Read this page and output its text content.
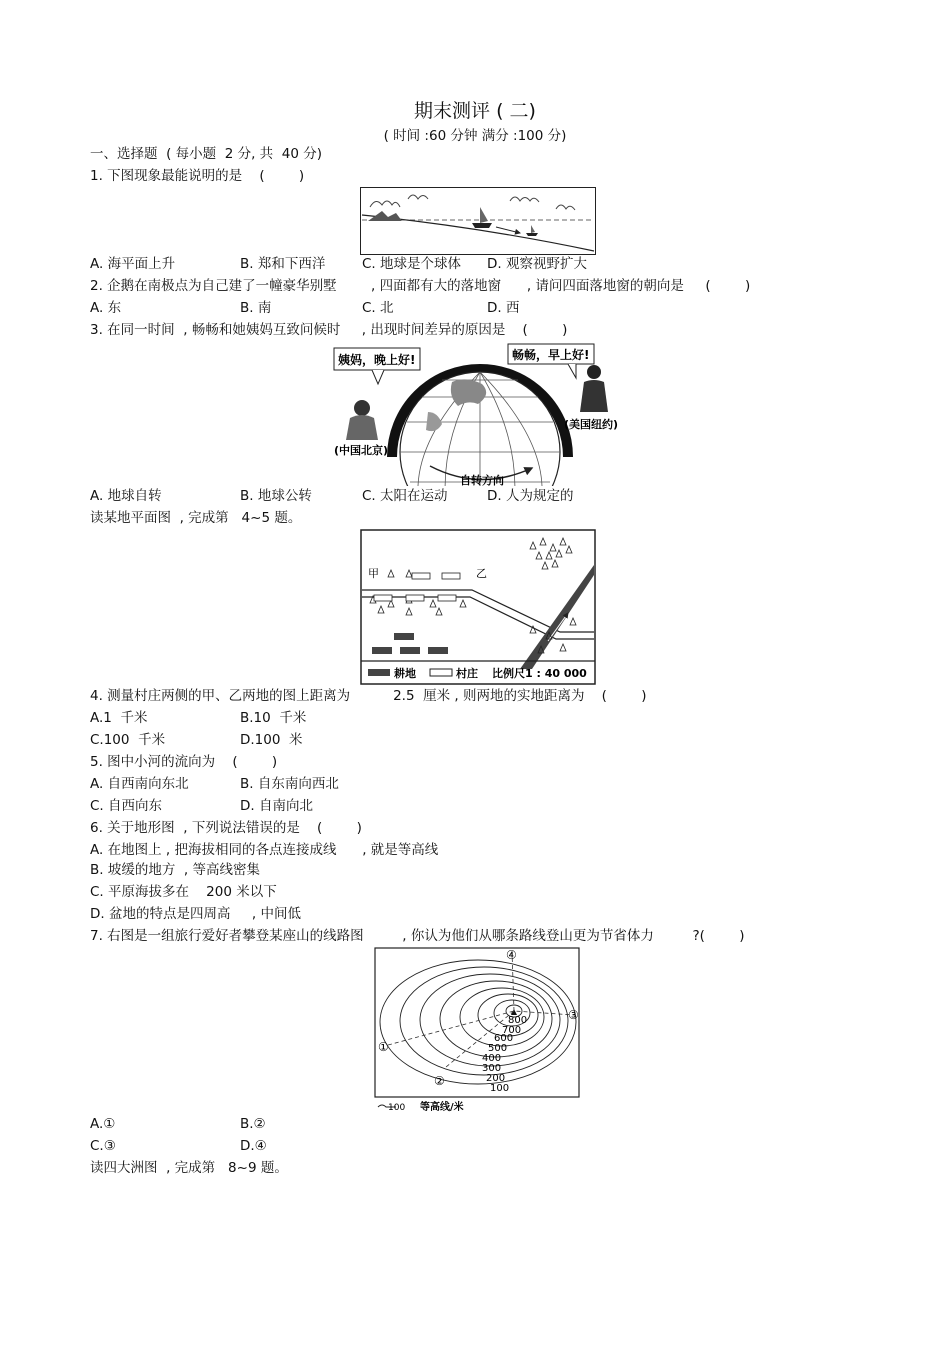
期末测评 ( 二)
( 时间 :60 分钟 满分 :100 分)
一、选择题  ( 每小题  2 分, 共  40 分)
1. 下图现象最能说明的是    (        )
A. 海平面上升	B. 郑和下西洋	C. 地球是个球体 D. 观察视野扩大
2. 企鹅在南极点为自己建了一幢豪华别墅        , 四面都有大的落地窗      , 请问四面落地窗的朝向是     (        )
A. 东	B. 南	C. 北	D. 西
3. 在同一时间  , 畅畅和她姨妈互致问候时     , 出现时间差异的原因是    (        )
姨妈，晚上好!	畅畅，早上好!
(中国北京)
(美国纽约)
自转方向
A. 地球自转	B. 地球公转	C. 太阳在运动	D. 人为规定的
读某地平面图  , 完成第   4~5 题。
甲	乙
耕地	村庄 比例尺1 : 40 000
4. 测量村庄两侧的甲、乙两地的图上距离为          2.5  厘米 , 则两地的实地距离为    (        )
A.1  千米	B.10  千米
C.100  千米	D.100  米
5. 图中小河的流向为    (        )
A. 自西南向东北	B. 自东南向西北
C. 自西向东	D. 自南向北
6. 关于地形图  , 下列说法错误的是    (        )
A. 在地图上 , 把海拔相同的各点连接成线      , 就是等高线
B. 坡缓的地方  , 等高线密集
C. 平原海拔多在    200 米以下
D. 盆地的特点是四周高     , 中间低
7. 右图是一组旅行爱好者攀登某座山的线路图         , 你认为他们从哪条路线登山更为节省体力         ?(        )
800
700
600
500
400
300
200
100
①
②
③
④
100 等高线/米
A.①	B.②
C.③	D.④
读四大洲图  , 完成第   8~9 题。
